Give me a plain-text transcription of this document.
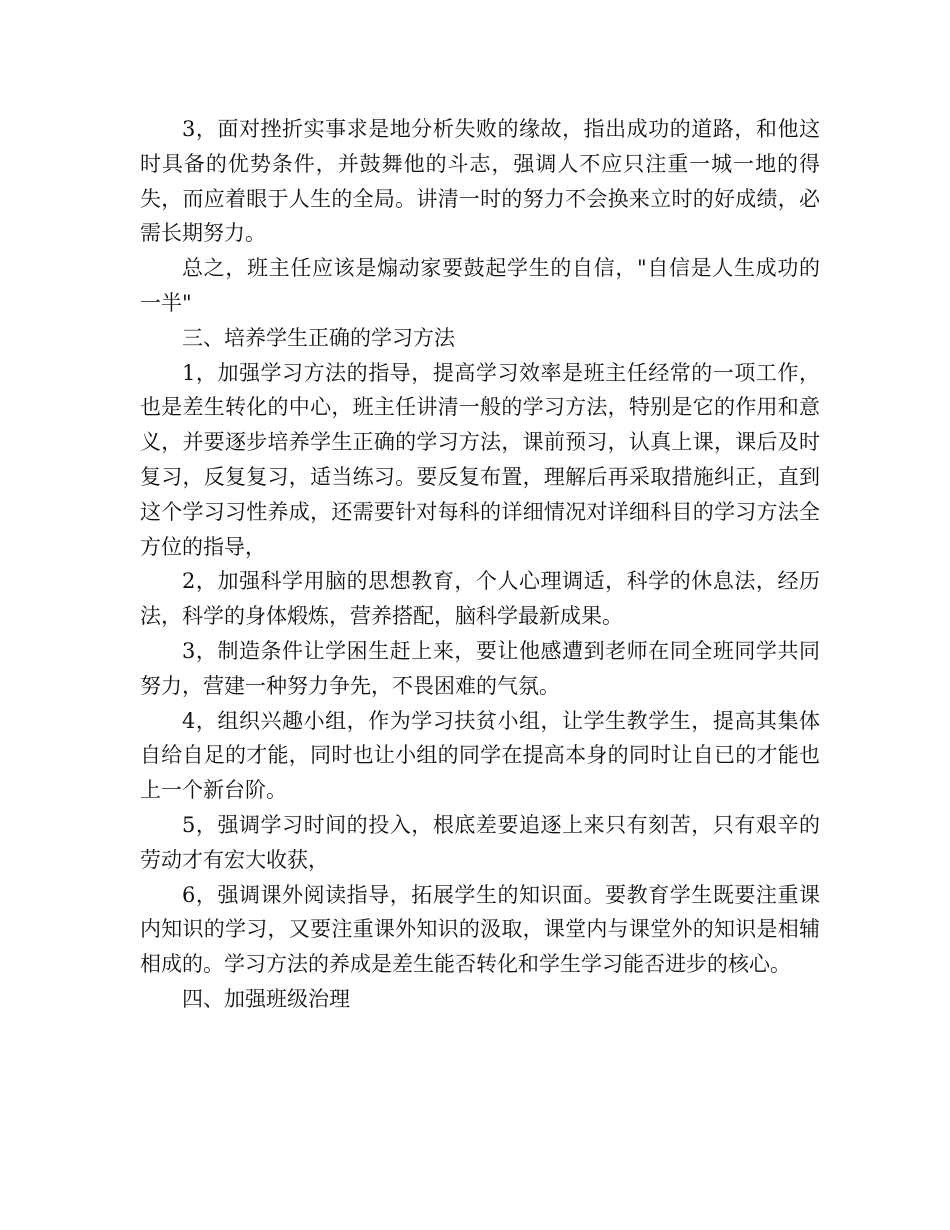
3，面对挫折实事求是地分析失败的缘故，指出成功的道路，和他这时具备的优势条件，并鼓舞他的斗志，强调人不应只注重一城一地的得失，而应着眼于人生的全局。讲清一时的努力不会换来立时的好成绩，必需长期努力。

总之，班主任应该是煽动家要鼓起学生的自信，"自信是人生成功的一半"

三、培养学生正确的学习方法

1，加强学习方法的指导，提高学习效率是班主任经常的一项工作，也是差生转化的中心，班主任讲清一般的学习方法，特别是它的作用和意义，并要逐步培养学生正确的学习方法，课前预习，认真上课，课后及时复习，反复复习，适当练习。要反复布置，理解后再采取措施纠正，直到这个学习习性养成，还需要针对每科的详细情况对详细科目的学习方法全方位的指导，

2，加强科学用脑的思想教育，个人心理调适，科学的休息法，经历法，科学的身体煅炼，营养搭配，脑科学最新成果。

3，制造条件让学困生赶上来，要让他感遭到老师在同全班同学共同努力，营建一种努力争先，不畏困难的气氛。

4，组织兴趣小组，作为学习扶贫小组，让学生教学生，提高其集体自给自足的才能，同时也让小组的同学在提高本身的同时让自已的才能也上一个新台阶。

5，强调学习时间的投入，根底差要追逐上来只有刻苦，只有艰辛的劳动才有宏大收获，

6，强调课外阅读指导，拓展学生的知识面。要教育学生既要注重课内知识的学习，又要注重课外知识的汲取，课堂内与课堂外的知识是相辅相成的。学习方法的养成是差生能否转化和学生学习能否进步的核心。

四、加强班级治理
